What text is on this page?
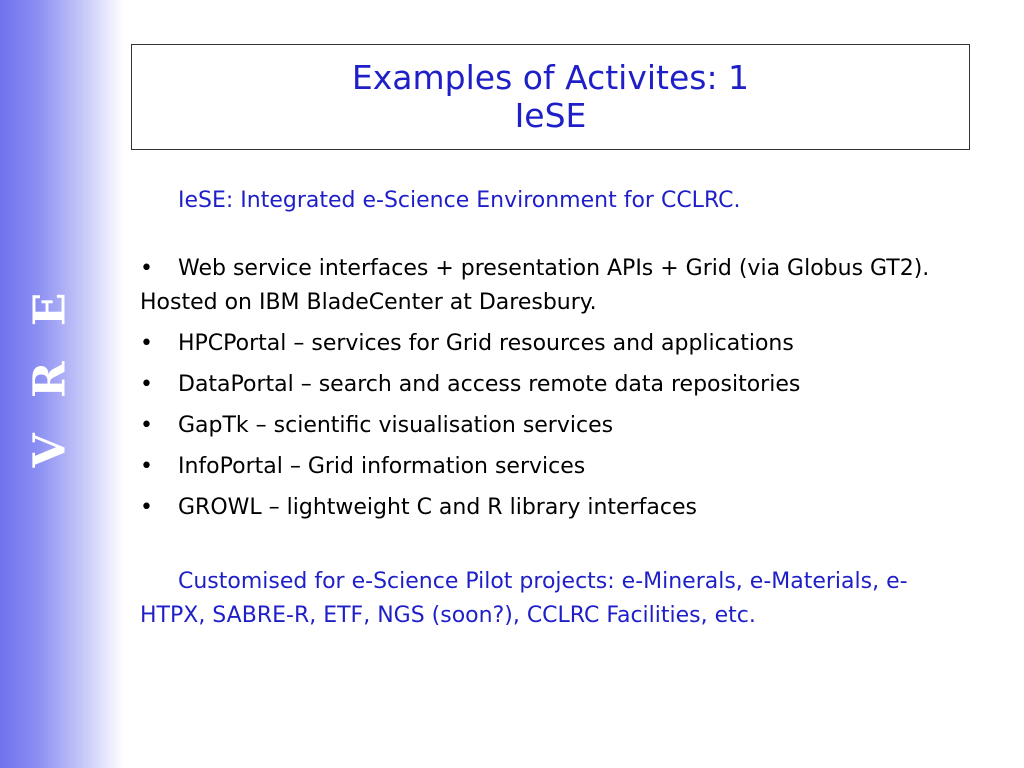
V R E
Examples of Activites: 1
IeSE

IeSE: Integrated e-Science Environment for CCLRC.

•	Web service interfaces + presentation APIs + Grid (via Globus GT2). Hosted on IBM BladeCenter at Daresbury.
•	HPCPortal – services for Grid resources and applications
•	DataPortal – search and access remote data repositories
•	GapTk – scientific visualisation services
•	InfoPortal – Grid information services
•	GROWL – lightweight C and R library interfaces

Customised for e-Science Pilot projects: e-Minerals, e-Materials, e-HTPX, SABRE-R, ETF, NGS (soon?), CCLRC Facilities, etc.
